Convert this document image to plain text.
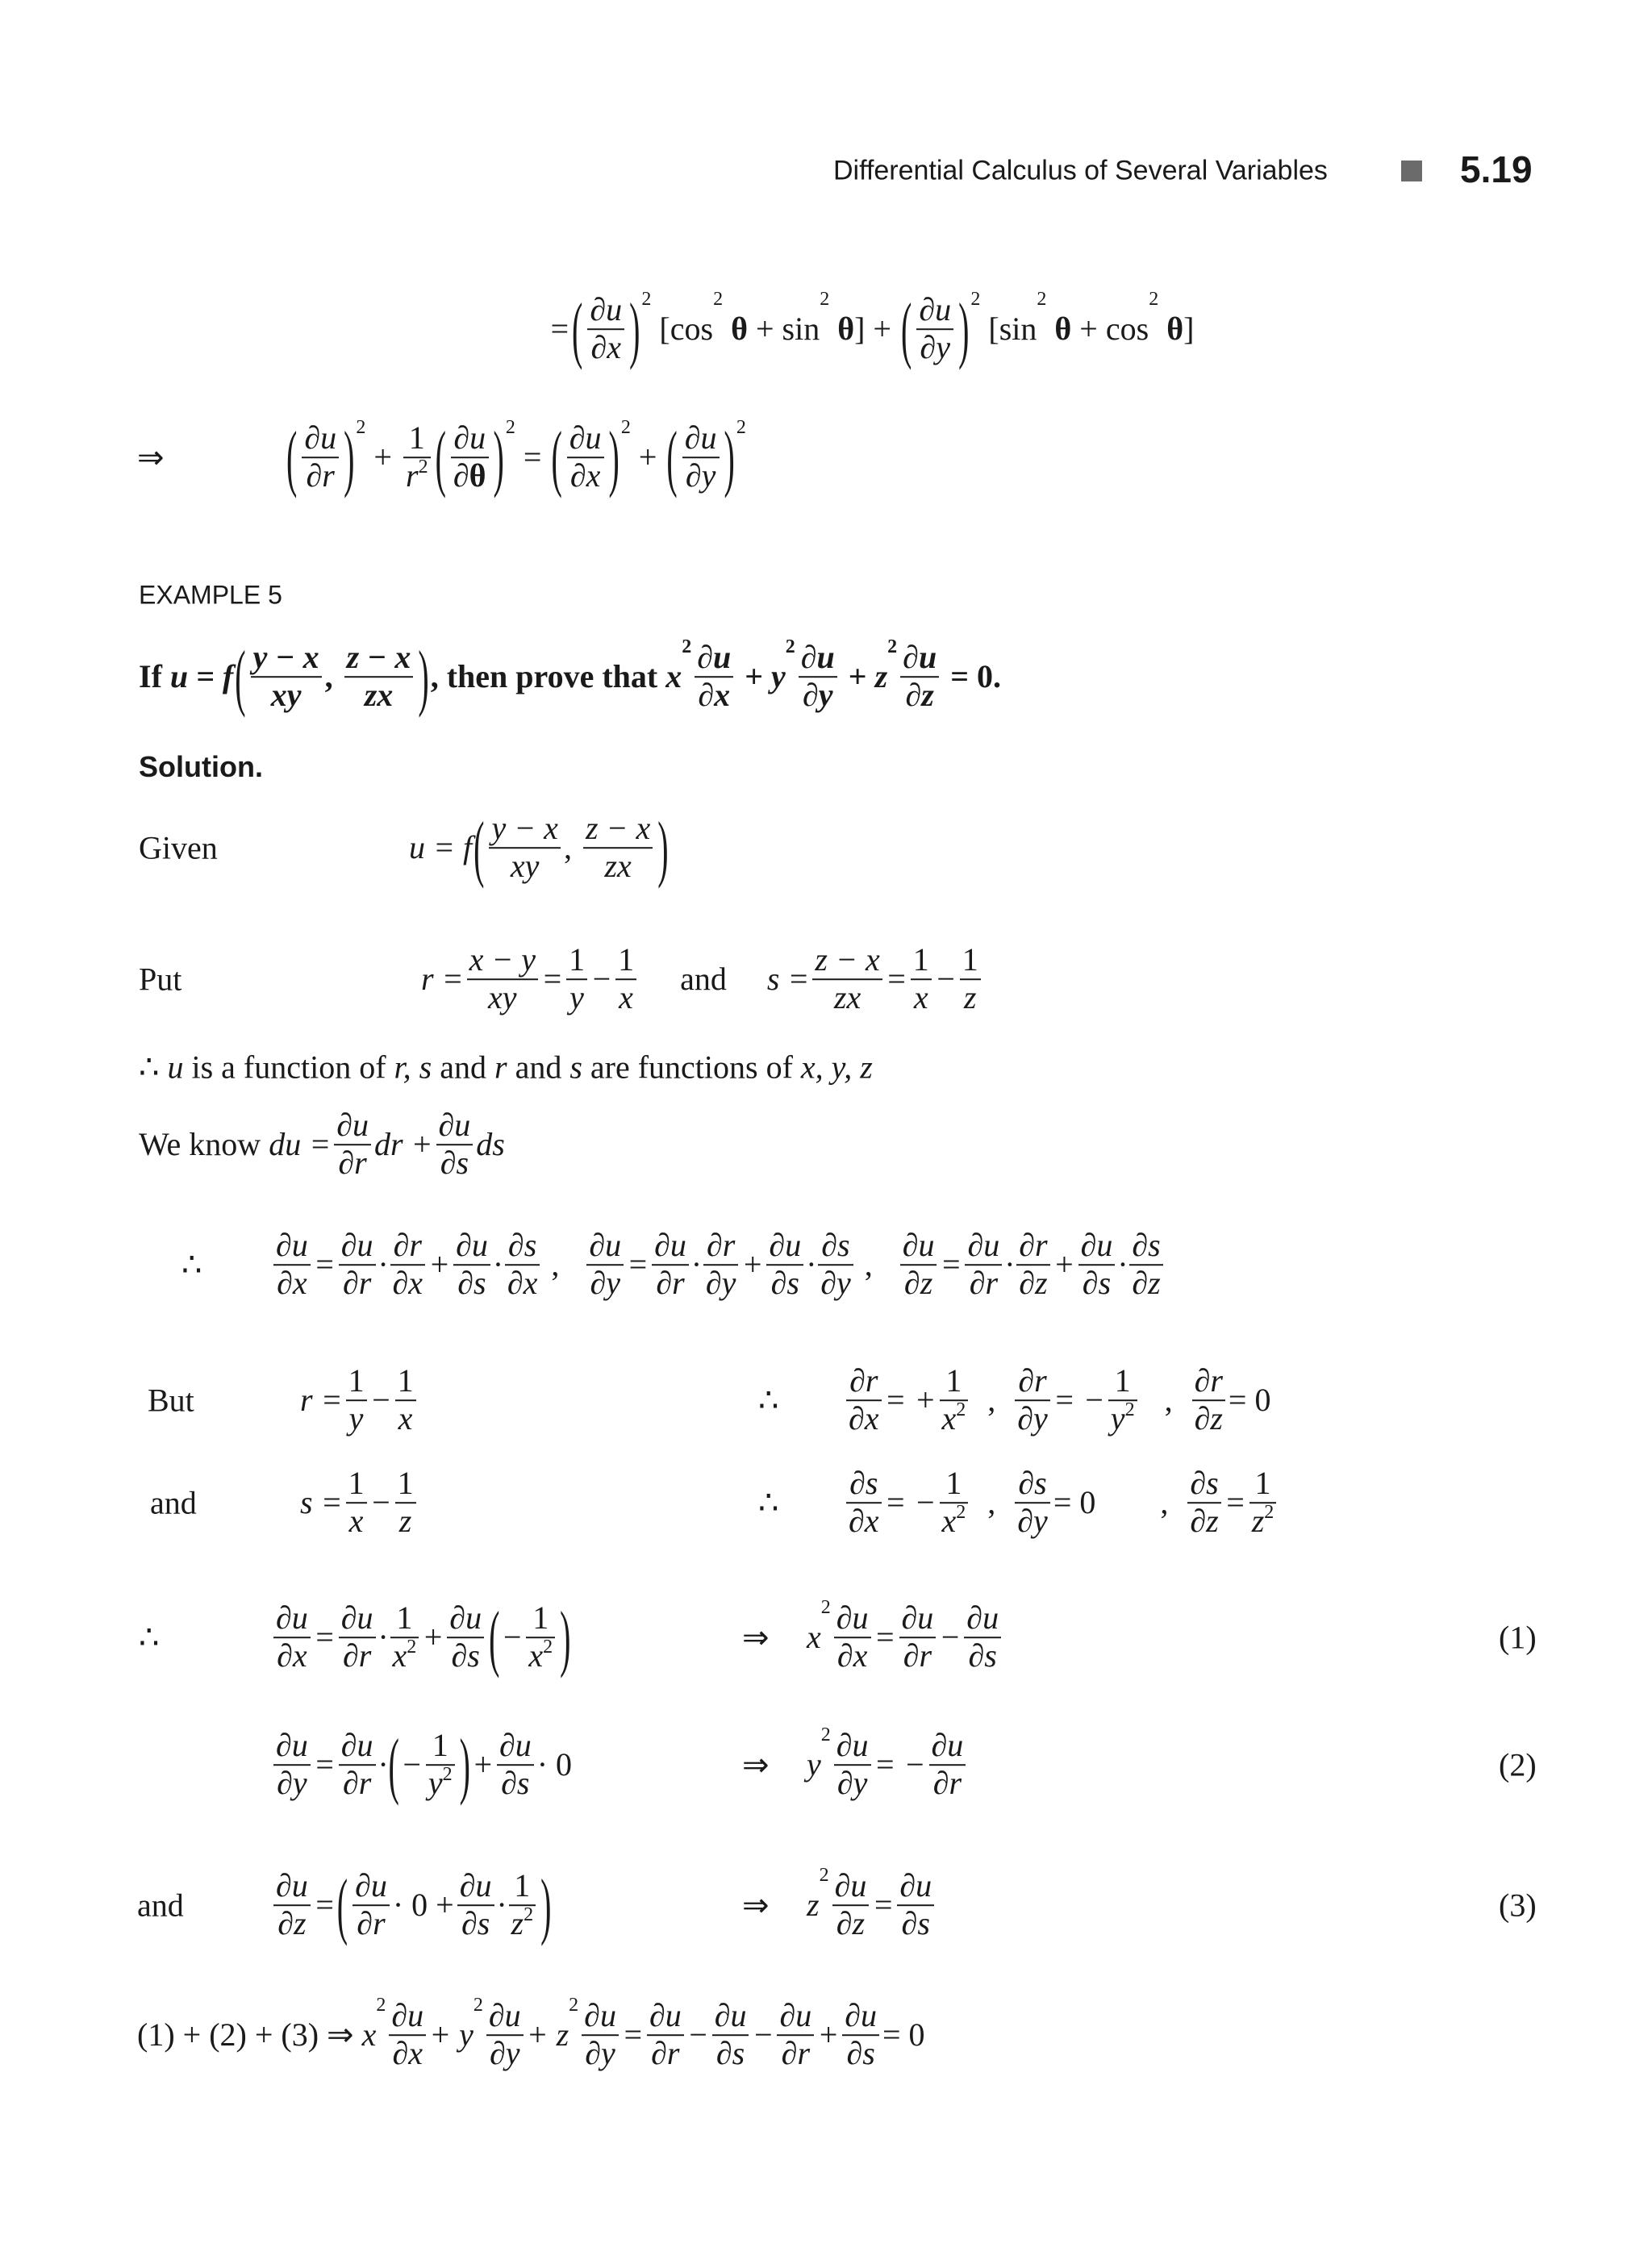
Differential Calculus of Several Variables	5.19
= ( $\frac{\partial u}{\partial x}$ ) 2
[cos
2
θ + sin
2
θ ] + ( $\frac{\partial u}{\partial y}$ ) 2
[sin
2
θ + cos
2
θ ]
⇒	( $\frac{\partial u}{\partial r}$ ) 2
+ $\frac{1}{r 2}$ ( $\frac{\partial u}{\partial \theta}$ ) 2
= ( $\frac{\partial u}{\partial x}$ ) 2
+ ( $\frac{\partial u}{\partial y}$ ) 2
EXAMPLE 5
If u = f ( $\frac{y - x}{xy}$ , $\frac{z - x}{zx}$ ) , then prove that x
$2 \frac{\partial u}{\partial x} + y$
$2 \frac{\partial u}{\partial y} + z$
$2 \frac{\partial u}{\partial z} = 0$.
Solution.
Given	u = f ( $\frac{y - x}{xy}$ , $\frac{z - x}{zx}$ )
Put	$r = \frac{x - y}{xy} = \frac{1}{y} - \frac{1}{x}$ and $s = \frac{z - x}{zx} = \frac{1}{x} - \frac{1}{z}$
∴ u is a function of r, s and r and s are functions of x, y, z
We know du = $\frac{\partial u}{\partial r}$ dr + $\frac{\partial u}{\partial s}$ ds
∴ $\frac{\partial u}{\partial x} = \frac{\partial u}{\partial r} \cdot \frac{\partial r}{\partial x} + \frac{\partial u}{\partial s} \cdot \frac{\partial s}{\partial x}$ , $\frac{\partial u}{\partial y} = \frac{\partial u}{\partial r} \cdot \frac{\partial r}{\partial y} + \frac{\partial u}{\partial s} \cdot \frac{\partial s}{\partial y}$ , $\frac{\partial u}{\partial z} = \frac{\partial u}{\partial r} \cdot \frac{\partial r}{\partial z} + \frac{\partial u}{\partial s} \cdot \frac{\partial s}{\partial z}$
But	$r = \frac{1}{y} - \frac{1}{x}$	∴ $\frac{\partial r}{\partial x}$ = + $\frac{1}{x 2}$ , $\frac{\partial r}{\partial y}$ = − $\frac{1}{y 2}$ , $\frac{\partial r}{\partial z} = 0$
and	$s = \frac{1}{x} - \frac{1}{z}$	∴ $\frac{\partial s}{\partial x}$ = − $\frac{1}{x 2}$ , $\frac{\partial s}{\partial y} = 0$        , $\frac{\partial s}{\partial z} = \frac{1}{z 2}$
∴	$\frac{\partial u}{\partial x} = \frac{\partial u}{\partial r} \cdot \frac{1}{x 2} + \frac{\partial u}{\partial s}$ ( − $\frac{1}{x 2}$ )	⇒ x
$2 \frac{\partial u}{\partial x} = \frac{\partial u}{\partial r} - \frac{\partial u}{\partial s}$	(1)
$\frac{\partial u}{\partial y} = \frac{\partial u}{\partial r}$ · ( − $\frac{1}{y 2}$ ) + $\frac{\partial u}{\partial s} \cdot 0$	⇒ y
$2 \frac{\partial u}{\partial y}$ = − $\frac{\partial u}{\partial r}$	(2)
and	$\frac{\partial u}{\partial z}$ = ( $\frac{\partial u}{\partial r} \cdot 0 + \frac{\partial u}{\partial s} \cdot \frac{1}{z 2}$ )	⇒ z
$2 \frac{\partial u}{\partial z} = \frac{\partial u}{\partial s}$	(3)
(1) + (2) + (3) ⇒ x
$2 \frac{\partial u}{\partial x} + y$
$2 \frac{\partial u}{\partial y} + z$
$2 \frac{\partial u}{\partial y} = \frac{\partial u}{\partial r} - \frac{\partial u}{\partial s} - \frac{\partial u}{\partial r} + \frac{\partial u}{\partial s} = 0$
